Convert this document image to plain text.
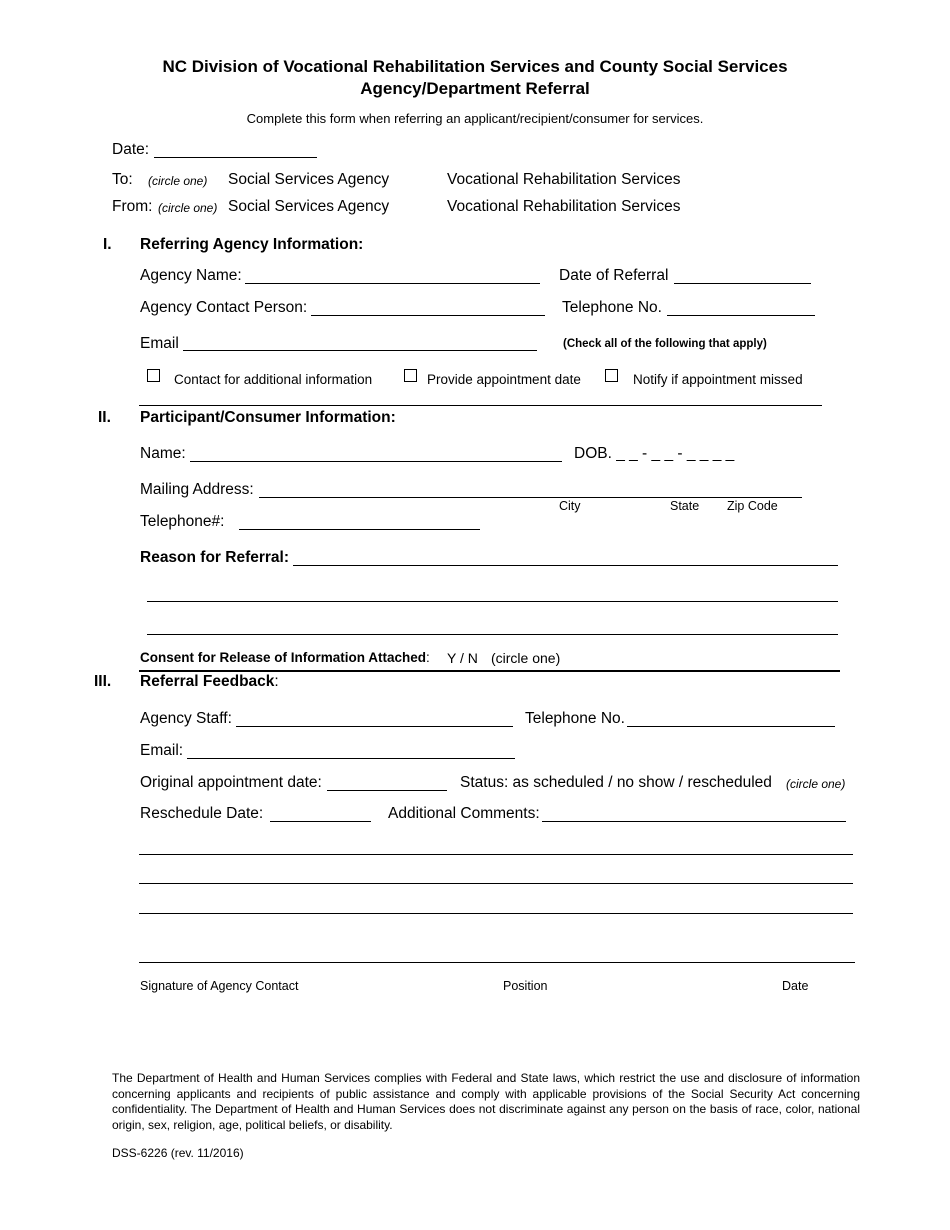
NC Division of Vocational Rehabilitation Services and County Social Services
Agency/Department Referral
Complete this form when referring an applicant/recipient/consumer for services.
Date:
To: (circle one) Social Services Agency	Vocational Rehabilitation Services
From: (circle one) Social Services Agency	Vocational Rehabilitation Services
I. Referring Agency Information:
Agency Name:	Date of Referral
Agency Contact Person:	Telephone No.
Email	(Check all of the following that apply)
Contact for additional information	Provide appointment date	Notify if appointment missed
II. Participant/Consumer Information:
Name:	DOB. _ _ - _ _ - _ _ _ _
Mailing Address:
City	State Zip Code
Telephone#:
Reason for Referral:
Consent for Release of Information Attached: Y / N (circle one)
III. Referral Feedback:
Agency Staff:	Telephone No.
Email:
Original appointment date:	Status: as scheduled / no show / rescheduled (circle one)
Reschedule Date:	Additional Comments:
Signature of Agency Contact	Position	Date
The Department of Health and Human Services complies with Federal and State laws, which restrict the use and disclosure of information concerning applicants and recipients of public assistance and comply with applicable provisions of the Social Security Act concerning confidentiality. The Department of Health and Human Services does not discriminate against any person on the basis of race, color, national origin, sex, religion, age, political beliefs, or disability.
DSS-6226 (rev. 11/2016)
